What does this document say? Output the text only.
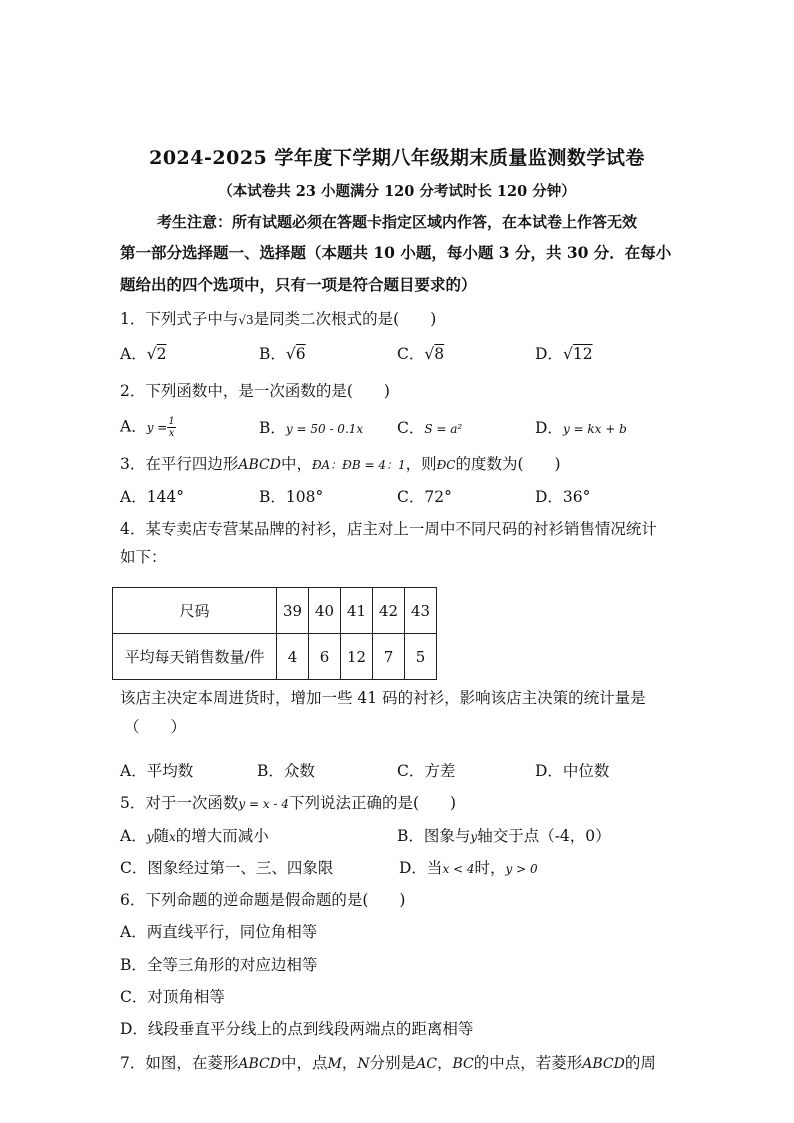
2024-2025 学年度下学期八年级期末质量监测数学试卷
（本试卷共 23 小题满分 120 分考试时长 120 分钟）
考生注意：所有试题必须在答题卡指定区域内作答，在本试卷上作答无效
第一部分选择题一、选择题（本题共 10 小题，每小题 3 分，共 30 分．在每小
题给出的四个选项中，只有一项是符合题目要求的）
1．下列式子中与√3是同类二次根式的是(　　)
A．√2	B．√6	C．√8	D．√12
2．下列函数中，是一次函数的是(　　)
A．$y = \frac{1}{x}$	B．y = 50 - 0.1x C．S = a²	D．y = kx + b
3．在平行四边形ABCD中，ÐA：ÐB = 4：1，则ÐC的度数为(　　)
A．144°	B．108°	C．72°	D．36°
4．某专卖店专营某品牌的衬衫，店主对上一周中不同尺码的衬衫销售情况统计
如下：
尺码	39	40	41	42	43
平均每天销售数量/件	4	6	12	7	5
该店主决定本周进货时，增加一些 41 码的衬衫，影响该店主决策的统计量是
（　　）
A．平均数	B．众数	C．方差	D．中位数
5．对于一次函数y = x - 4下列说法正确的是(　　)
A．y随x的增大而减小	B．图象与y轴交于点（-4，0）
C．图象经过第一、三、四象限	D．当x < 4时，y > 0
6．下列命题的逆命题是假命题的是(　　)
A．两直线平行，同位角相等
B．全等三角形的对应边相等
C．对顶角相等
D．线段垂直平分线上的点到线段两端点的距离相等
7．如图，在菱形ABCD中，点M，N分别是AC，BC的中点，若菱形ABCD的周
